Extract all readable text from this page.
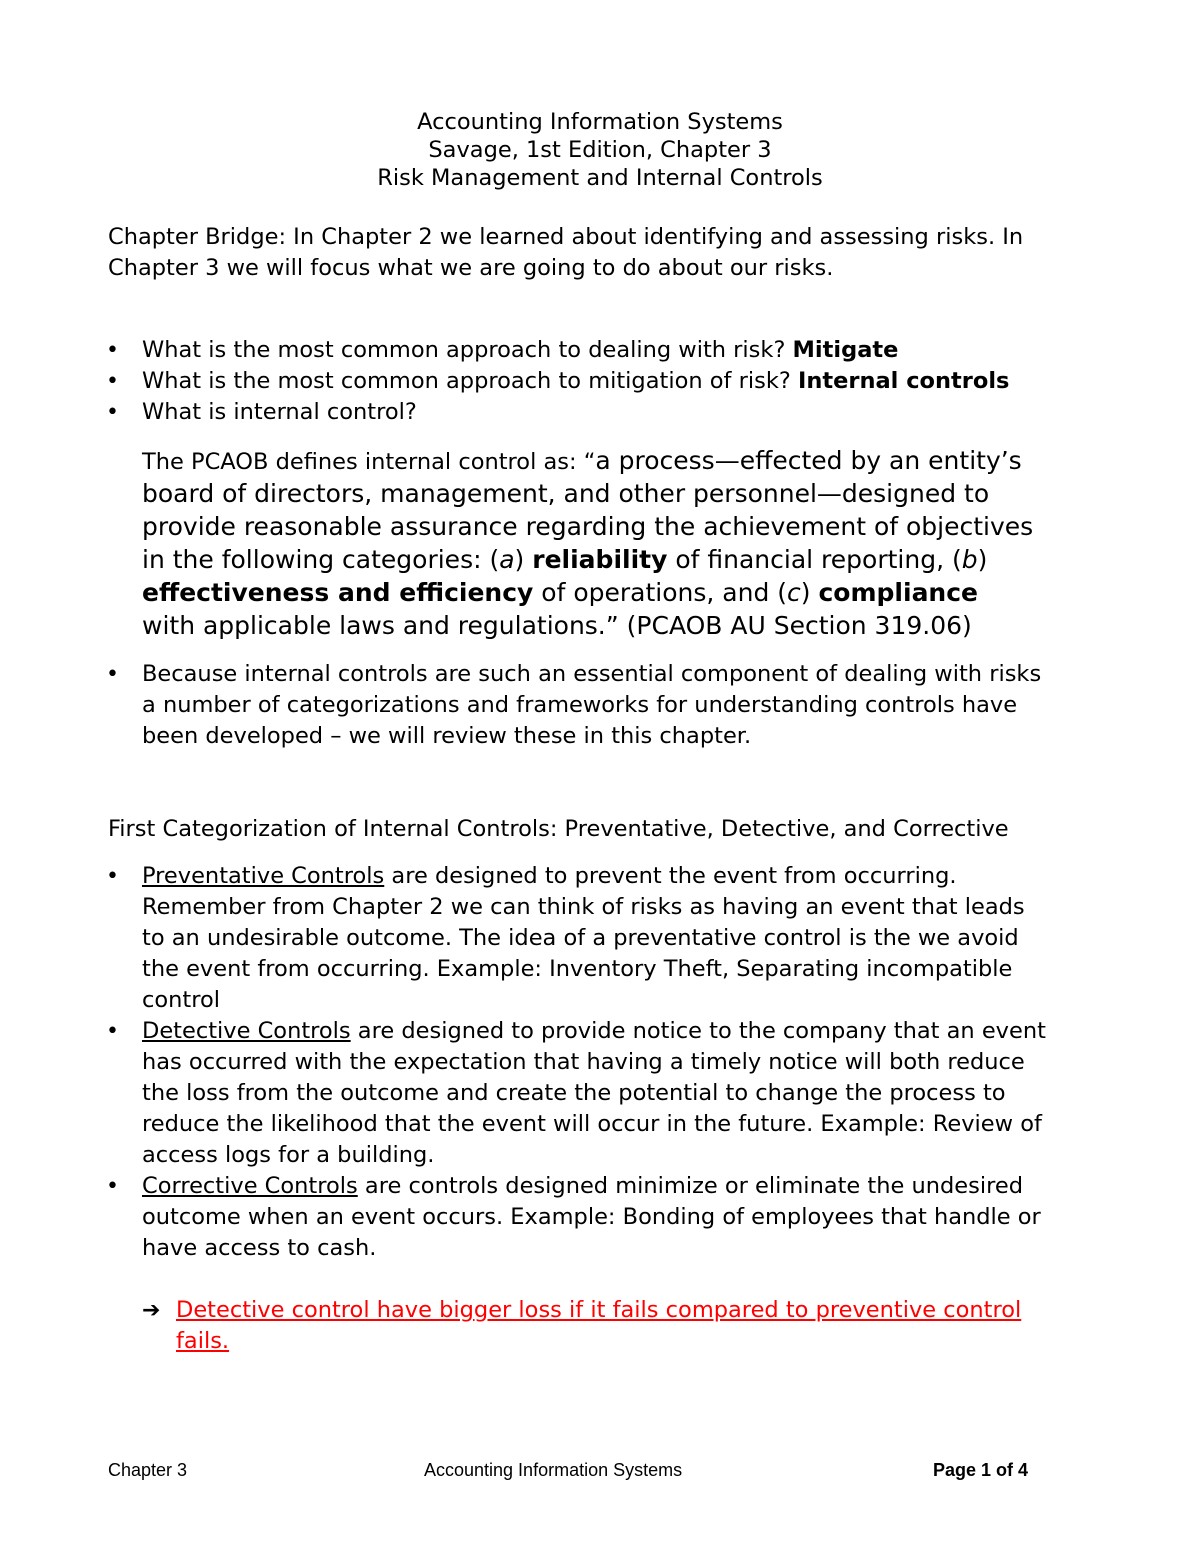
Accounting Information Systems
Savage, 1st Edition, Chapter 3
Risk Management and Internal Controls
Chapter Bridge: In Chapter 2 we learned about identifying and assessing risks. In
Chapter 3 we will focus what we are going to do about our risks.
•	What is the most common approach to dealing with risk? Mitigate
•	What is the most common approach to mitigation of risk? Internal controls
•	What is internal control?
The PCAOB defines internal control as: “a process—effected by an entity’s
board of directors, management, and other personnel—designed to
provide reasonable assurance regarding the achievement of objectives
in the following categories: (a) reliability of financial reporting, (b)
effectiveness and efficiency of operations, and (c) compliance
with applicable laws and regulations.” (PCAOB AU Section 319.06)
•	Because internal controls are such an essential component of dealing with risks
a number of categorizations and frameworks for understanding controls have
been developed – we will review these in this chapter.
First Categorization of Internal Controls: Preventative, Detective, and Corrective
•	Preventative Controls are designed to prevent the event from occurring.
Remember from Chapter 2 we can think of risks as having an event that leads
to an undesirable outcome. The idea of a preventative control is the we avoid
the event from occurring. Example: Inventory Theft, Separating incompatible
control
•	Detective Controls are designed to provide notice to the company that an event
has occurred with the expectation that having a timely notice will both reduce
the loss from the outcome and create the potential to change the process to
reduce the likelihood that the event will occur in the future. Example: Review of
access logs for a building.
•	Corrective Controls are controls designed minimize or eliminate the undesired
outcome when an event occurs. Example: Bonding of employees that handle or
have access to cash.
➔ Detective control have bigger loss if it fails compared to preventive control
fails.
Chapter 3	Accounting Information Systems	Page 1 of 4
